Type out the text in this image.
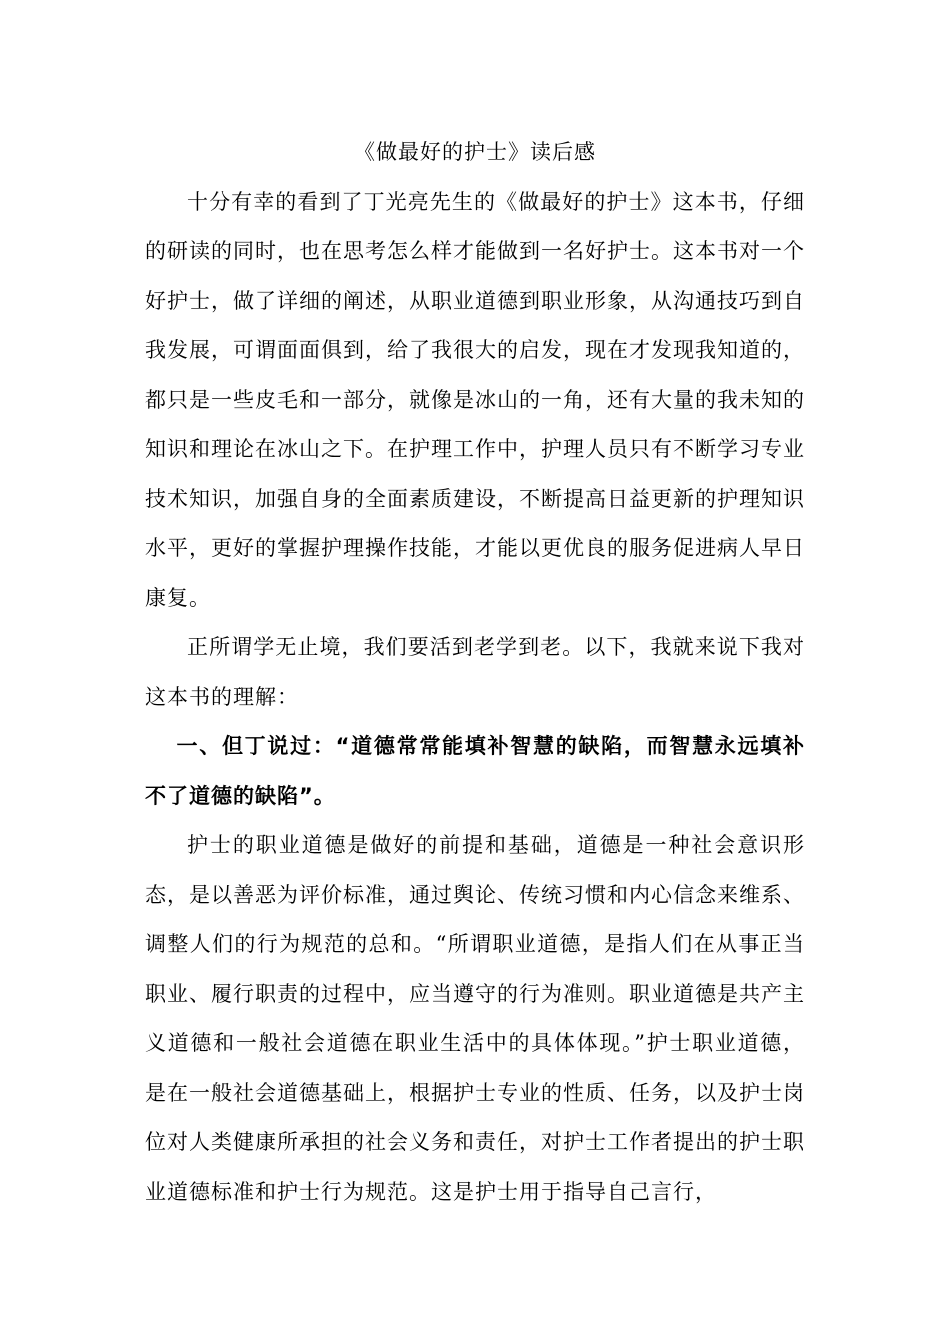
《做最好的护士》读后感

十分有幸的看到了丁光亮先生的《做最好的护士》这本书，仔细的研读的同时，也在思考怎么样才能做到一名好护士。这本书对一个好护士，做了详细的阐述，从职业道德到职业形象，从沟通技巧到自我发展，可谓面面俱到，给了我很大的启发，现在才发现我知道的，都只是一些皮毛和一部分，就像是冰山的一角，还有大量的我未知的知识和理论在冰山之下。在护理工作中，护理人员只有不断学习专业技术知识，加强自身的全面素质建设，不断提高日益更新的护理知识水平，更好的掌握护理操作技能，才能以更优良的服务促进病人早日康复。

正所谓学无止境，我们要活到老学到老。以下，我就来说下我对这本书的理解：

一、但丁说过：“道德常常能填补智慧的缺陷，而智慧永远填补不了道德的缺陷”。

护士的职业道德是做好的前提和基础，道德是一种社会意识形态，是以善恶为评价标准，通过舆论、传统习惯和内心信念来维系、调整人们的行为规范的总和。“所谓职业道德，是指人们在从事正当职业、履行职责的过程中，应当遵守的行为准则。职业道德是共产主义道德和一般社会道德在职业生活中的具体体现。”护士职业道德，是在一般社会道德基础上，根据护士专业的性质、任务，以及护士岗位对人类健康所承担的社会义务和责任，对护士工作者提出的护士职业道德标准和护士行为规范。这是护士用于指导自己言行，
